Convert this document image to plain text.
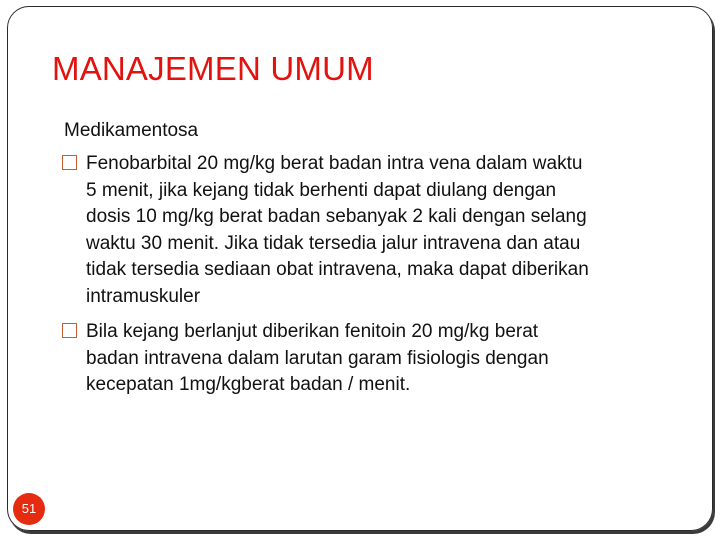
MANAJEMEN UMUM
Medikamentosa
Fenobarbital 20 mg/kg berat badan intra vena dalam waktu
5 menit, jika kejang tidak berhenti dapat diulang dengan
dosis 10 mg/kg berat badan sebanyak 2 kali dengan selang
waktu 30 menit. Jika tidak tersedia jalur intravena dan atau
tidak tersedia sediaan obat intravena, maka dapat diberikan
intramuskuler
Bila kejang berlanjut diberikan fenitoin 20 mg/kg berat
badan intravena dalam larutan garam fisiologis dengan
kecepatan 1mg/kgberat badan / menit.
51
